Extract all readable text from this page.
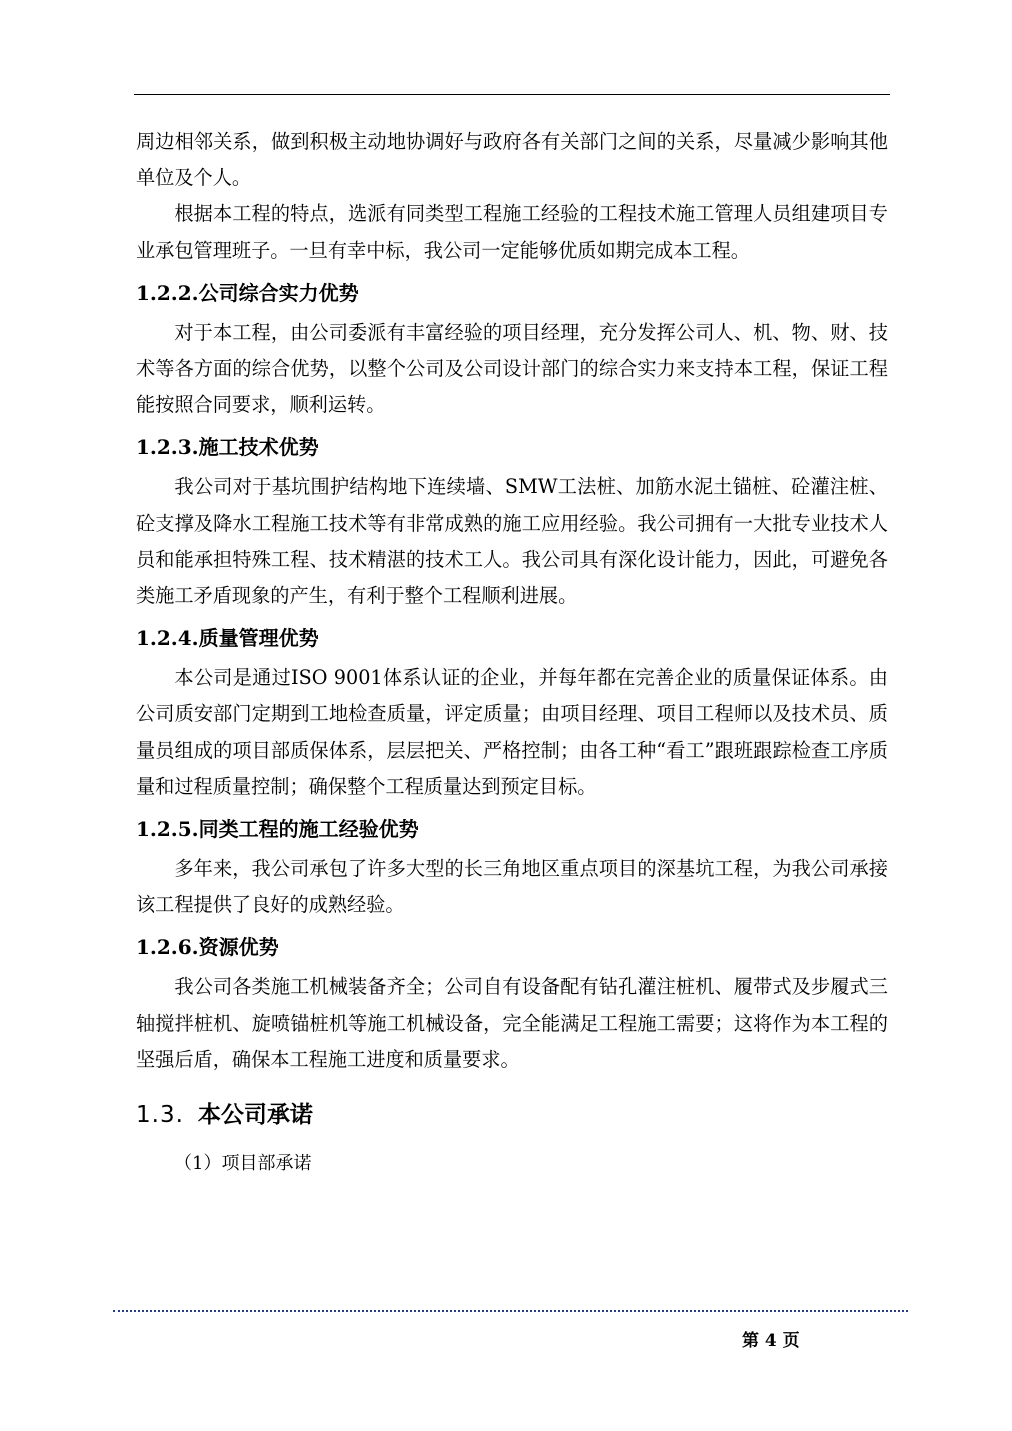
周边相邻关系，做到积极主动地协调好与政府各有关部门之间的关系，尽量减少影响其他单位及个人。

根据本工程的特点，选派有同类型工程施工经验的工程技术施工管理人员组建项目专业承包管理班子。一旦有幸中标，我公司一定能够优质如期完成本工程。

1.2.2.公司综合实力优势

对于本工程，由公司委派有丰富经验的项目经理，充分发挥公司人、机、物、财、技术等各方面的综合优势，以整个公司及公司设计部门的综合实力来支持本工程，保证工程能按照合同要求，顺利运转。

1.2.3.施工技术优势

我公司对于基坑围护结构地下连续墙、SMW工法桩、加筋水泥土锚桩、砼灌注桩、砼支撑及降水工程施工技术等有非常成熟的施工应用经验。我公司拥有一大批专业技术人员和能承担特殊工程、技术精湛的技术工人。我公司具有深化设计能力，因此，可避免各类施工矛盾现象的产生，有利于整个工程顺利进展。

1.2.4.质量管理优势

本公司是通过ISO 9001体系认证的企业，并每年都在完善企业的质量保证体系。由公司质安部门定期到工地检查质量，评定质量；由项目经理、项目工程师以及技术员、质量员组成的项目部质保体系，层层把关、严格控制；由各工种“看工”跟班跟踪检查工序质量和过程质量控制；确保整个工程质量达到预定目标。

1.2.5.同类工程的施工经验优势

多年来，我公司承包了许多大型的长三角地区重点项目的深基坑工程，为我公司承接该工程提供了良好的成熟经验。

1.2.6.资源优势

我公司各类施工机械装备齐全；公司自有设备配有钻孔灌注桩机、履带式及步履式三轴搅拌桩机、旋喷锚桩机等施工机械设备，完全能满足工程施工需要；这将作为本工程的坚强后盾，确保本工程施工进度和质量要求。

1.3. 本公司承诺

（1）项目部承诺

第 4 页
